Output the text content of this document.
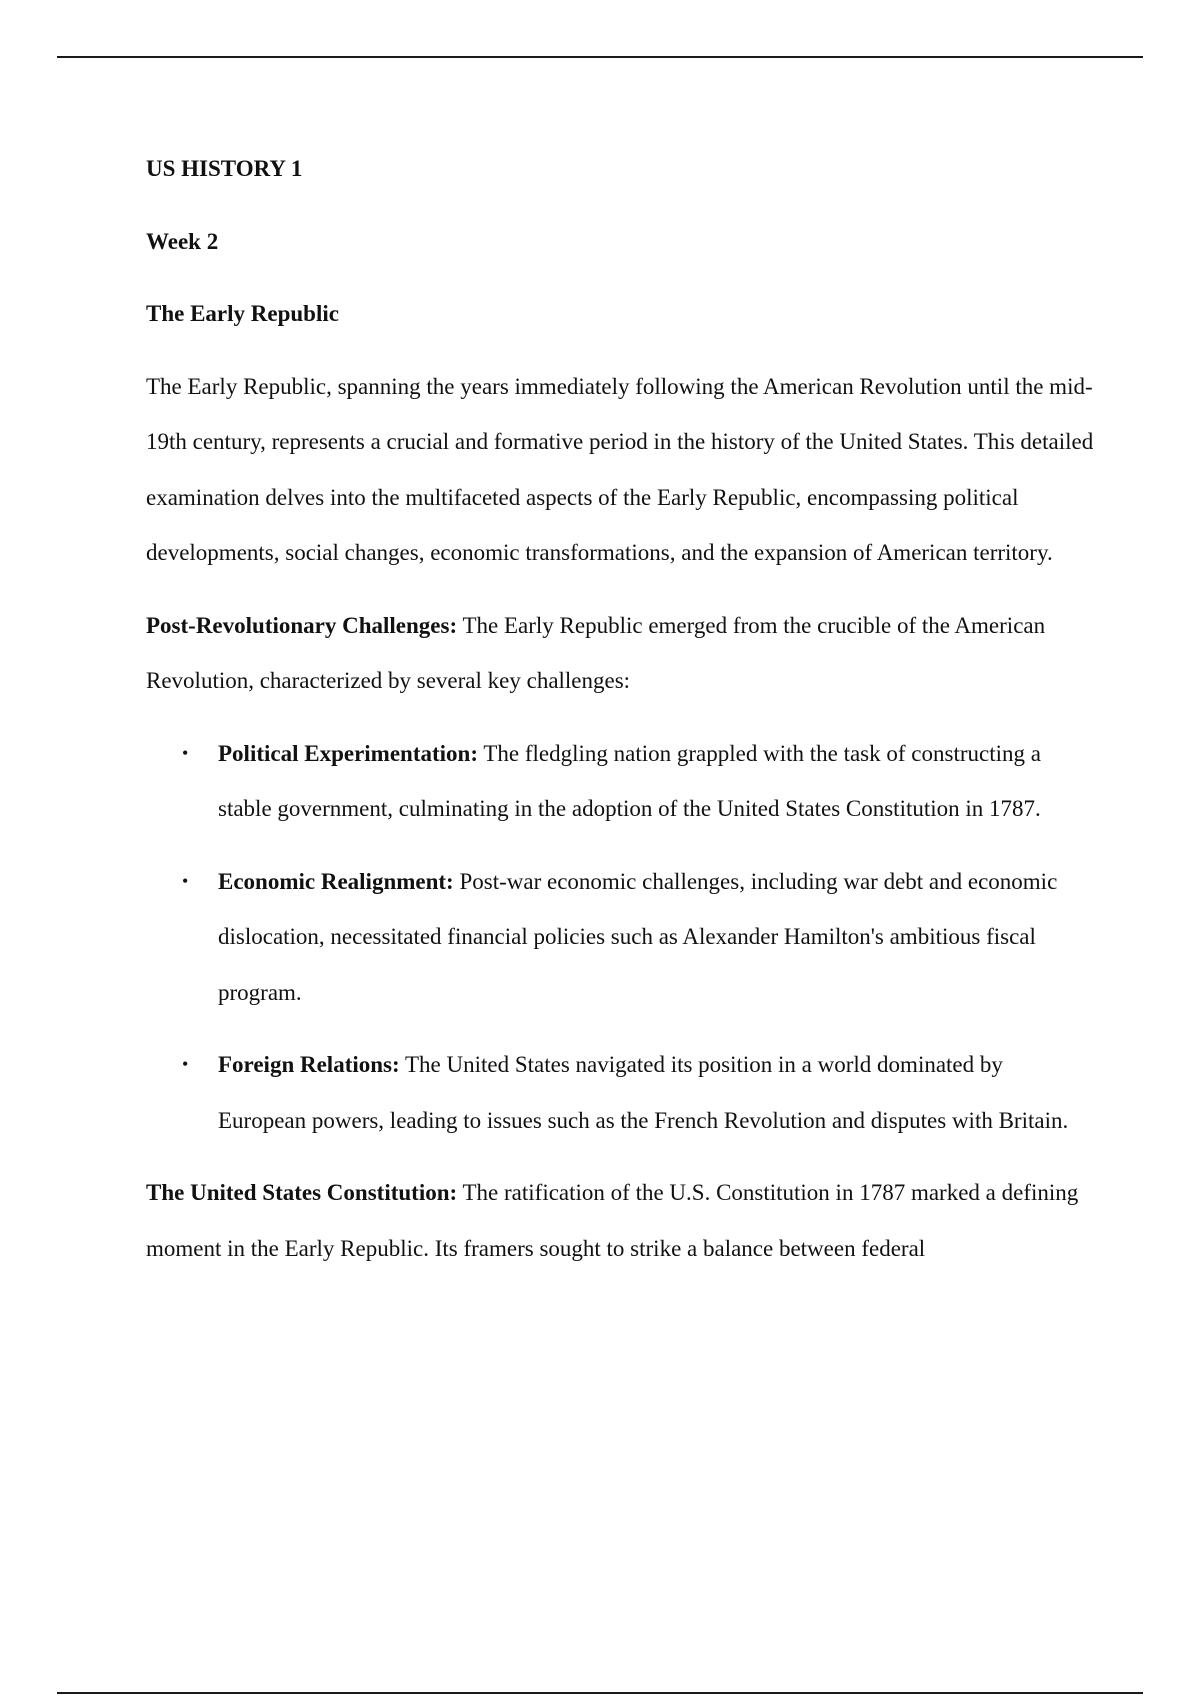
US HISTORY 1
Week 2
The Early Republic

The Early Republic, spanning the years immediately following the American Revolution until the mid-19th century, represents a crucial and formative period in the history of the United States. This detailed examination delves into the multifaceted aspects of the Early Republic, encompassing political developments, social changes, economic transformations, and the expansion of American territory.

Post-Revolutionary Challenges: The Early Republic emerged from the crucible of the American Revolution, characterized by several key challenges:

• Political Experimentation: The fledgling nation grappled with the task of constructing a stable government, culminating in the adoption of the United States Constitution in 1787.
• Economic Realignment: Post-war economic challenges, including war debt and economic dislocation, necessitated financial policies such as Alexander Hamilton's ambitious fiscal program.
• Foreign Relations: The United States navigated its position in a world dominated by European powers, leading to issues such as the French Revolution and disputes with Britain.

The United States Constitution: The ratification of the U.S. Constitution in 1787 marked a defining moment in the Early Republic. Its framers sought to strike a balance between federal
